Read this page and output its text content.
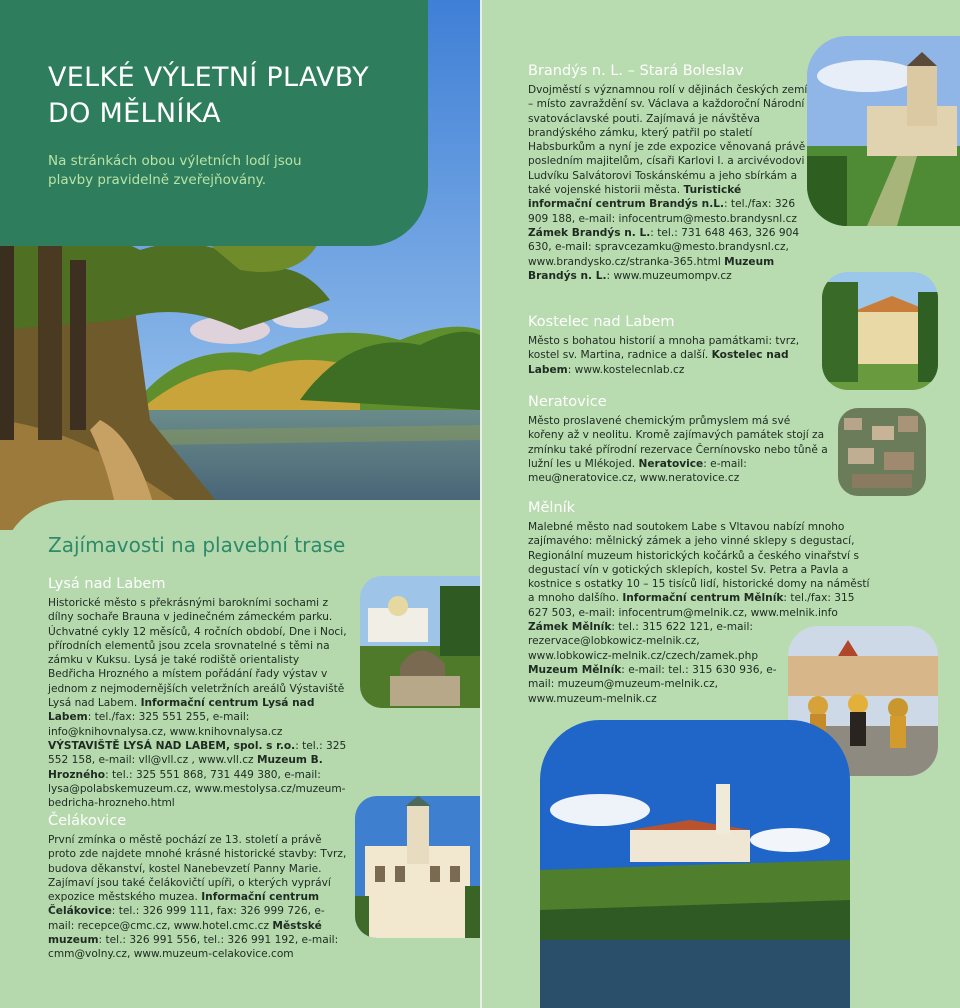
VELKÉ VÝLETNÍ PLAVBY DO MĚLNÍKA

Na stránkách obou výletních lodí jsou plavby pravidelně zveřejňovány.

Zajímavosti na plavební trase
Lysá nad Labem
Historické město s překrásnými barokními sochami z dílny sochaře Brauna v jedinečném zámeckém parku. Úchvatné cykly 12 měsíců, 4 ročních období, Dne i Noci, přírodních elementů jsou zcela srovnatelné s těmi na zámku v Kuksu. Lysá je také rodiště orientalisty Bedřicha Hrozného a místem pořádání řady výstav v jednom z nejmodernějších veletržních areálů Výstaviště Lysá nad Labem. Informační centrum Lysá nad Labem: tel./fax: 325 551 255, e-mail: info@knihovnalysa.cz, www.knihovnalysa.cz VÝSTAVIŠTĚ LYSÁ NAD LABEM, spol. s r.o.: tel.: 325 552 158, e-mail: vll@vll.cz , www.vll.cz Muzeum B. Hrozného: tel.: 325 551 868, 731 449 380, e-mail: lysa@polabskemuzeum.cz, www.mestolysa.cz/muzeum-bedricha-hrozneho.html
Čelákovice
První zmínka o městě pochází ze 13. století a právě proto zde najdete mnohé krásné historické stavby: Tvrz, budova děkanství, kostel Nanebevzetí Panny Marie. Zajímaví jsou také čelákovičtí upíři, o kterých vypráví expozice městského muzea. Informační centrum Čelákovice: tel.: 326 999 111, fax: 326 999 726, e-mail: recepce@cmc.cz, www.hotel.cmc.cz Městské muzeum: tel.: 326 991 556, tel.: 326 991 192, e-mail: cmm@volny.cz, www.muzeum-celakovice.com
Brandýs n. L. – Stará Boleslav
Dvojměstí s významnou rolí v dějinách českých zemí – místo zavraždění sv. Václava a každoroční Národní svatováclavské pouti. Zajímavá je návštěva brandýského zámku, který patřil po staletí Habsburkům a nyní je zde expozice věnovaná právě posledním majitelům, císaři Karlovi I. a arcivévodovi Ludvíku Salvátorovi Toskánskému a jeho sbírkám a také vojenské historii města. Turistické informační centrum Brandýs n.L.: tel./fax: 326 909 188, e-mail: infocentrum@mesto.brandysnl.cz Zámek Brandýs n. L.: tel.: 731 648 463, 326 904 630, e-mail: spravcezamku@mesto.brandysnl.cz, www.brandysko.cz/stranka-365.html Muzeum Brandýs n. L.: www.muzeumompv.cz
Kostelec nad Labem
Město s bohatou historií a mnoha památkami: tvrz, kostel sv. Martina, radnice a další. Kostelec nad Labem: www.kostelecnlab.cz
Neratovice
Město proslavené chemickým průmyslem má své kořeny až v neolitu. Kromě zajímavých památek stojí za zmínku také přírodní rezervace Černínovsko nebo tůně a lužní les u Mlékojed. Neratovice: e-mail: meu@neratovice.cz, www.neratovice.cz
Mělník
Malebné město nad soutokem Labe s Vltavou nabízí mnoho zajímavého: mělnický zámek a jeho vinné sklepy s degustací, Regionální muzeum historických kočárků a českého vinařství s degustací vín v gotických sklepích, kostel Sv. Petra a Pavla a kostnice s ostatky 10 – 15 tisíců lidí, historické domy na náměstí a mnoho dalšího. Informační centrum Mělník: tel./fax: 315 627 503, e-mail: infocentrum@melnik.cz, www.melnik.info
Zámek Mělník: tel.: 315 622 121, e-mail: rezervace@lobkowicz-melnik.cz, www.lobkowicz-melnik.cz/czech/zamek.php Muzeum Mělník: e-mail: tel.: 315 630 936, e-mail: muzeum@muzeum-melnik.cz, www.muzeum-melnik.cz
